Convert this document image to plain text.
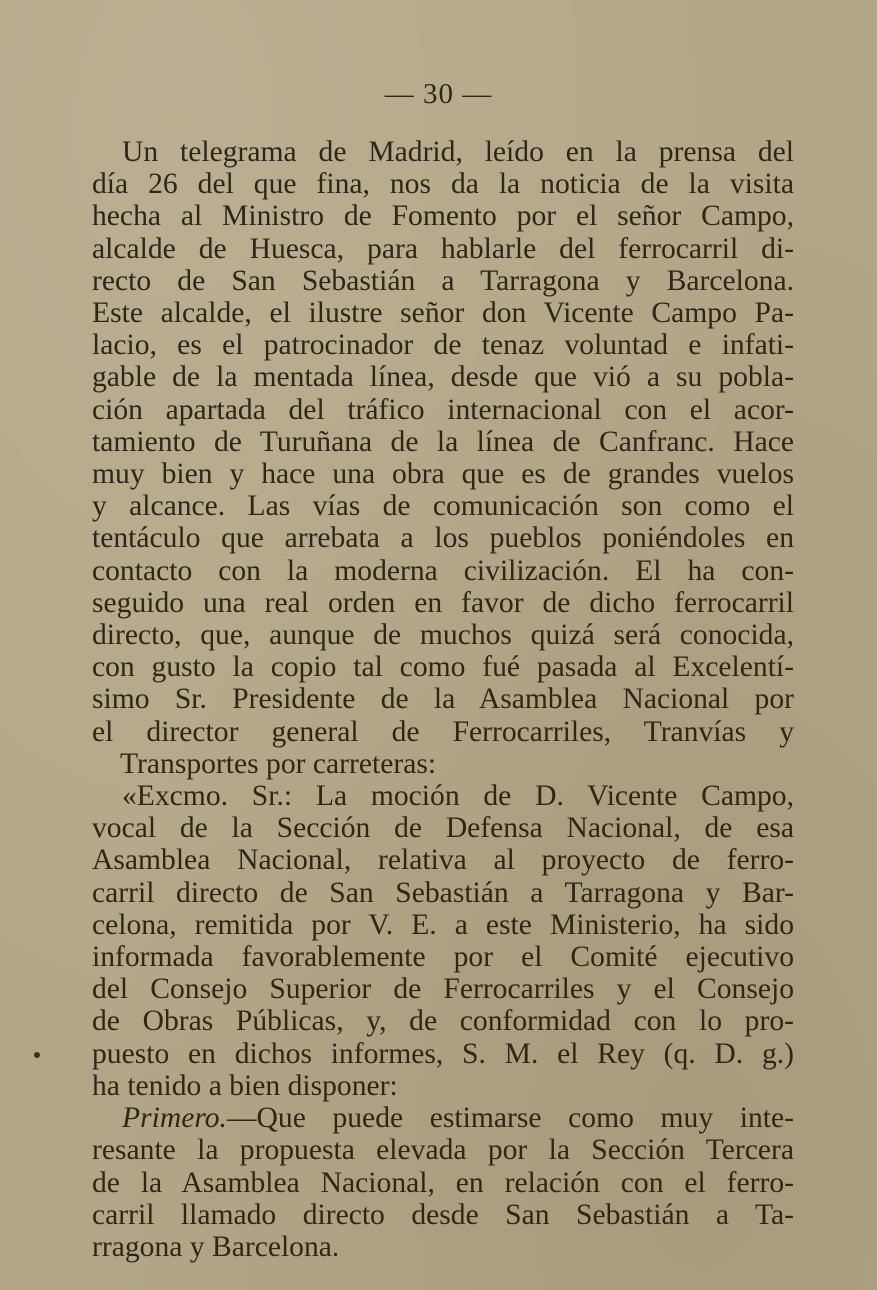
— 30 —
Un telegrama de Madrid, leído en la prensa del
día 26 del que fina, nos da la noticia de la visita
hecha al Ministro de Fomento por el señor Campo,
alcalde de Huesca, para hablarle del ferrocarril di-
recto de San Sebastián a Tarragona y Barcelona.
Este alcalde, el ilustre señor don Vicente Campo Pa-
lacio, es el patrocinador de tenaz voluntad e infati-
gable de la mentada línea, desde que vió a su pobla-
ción apartada del tráfico internacional con el acor-
tamiento de Turuñana de la línea de Canfranc. Hace
muy bien y hace una obra que es de grandes vuelos
y alcance. Las vías de comunicación son como el
tentáculo que arrebata a los pueblos poniéndoles en
contacto con la moderna civilización. El ha con-
seguido una real orden en favor de dicho ferrocarril
directo, que, aunque de muchos quizá será conocida,
con gusto la copio tal como fué pasada al Excelentí-
simo Sr. Presidente de la Asamblea Nacional por
el director general de Ferrocarriles, Tranvías y
Transportes por carreteras:
«Excmo. Sr.: La moción de D. Vicente Campo,
vocal de la Sección de Defensa Nacional, de esa
Asamblea Nacional, relativa al proyecto de ferro-
carril directo de San Sebastián a Tarragona y Bar-
celona, remitida por V. E. a este Ministerio, ha sido
informada favorablemente por el Comité ejecutivo
del Consejo Superior de Ferrocarriles y el Consejo
de Obras Públicas, y, de conformidad con lo pro-
puesto en dichos informes, S. M. el Rey (q. D. g.)
ha tenido a bien disponer:
Primero.—Que puede estimarse como muy inte-
resante la propuesta elevada por la Sección Tercera
de la Asamblea Nacional, en relación con el ferro-
carril llamado directo desde San Sebastián a Ta-
rragona y Barcelona.
